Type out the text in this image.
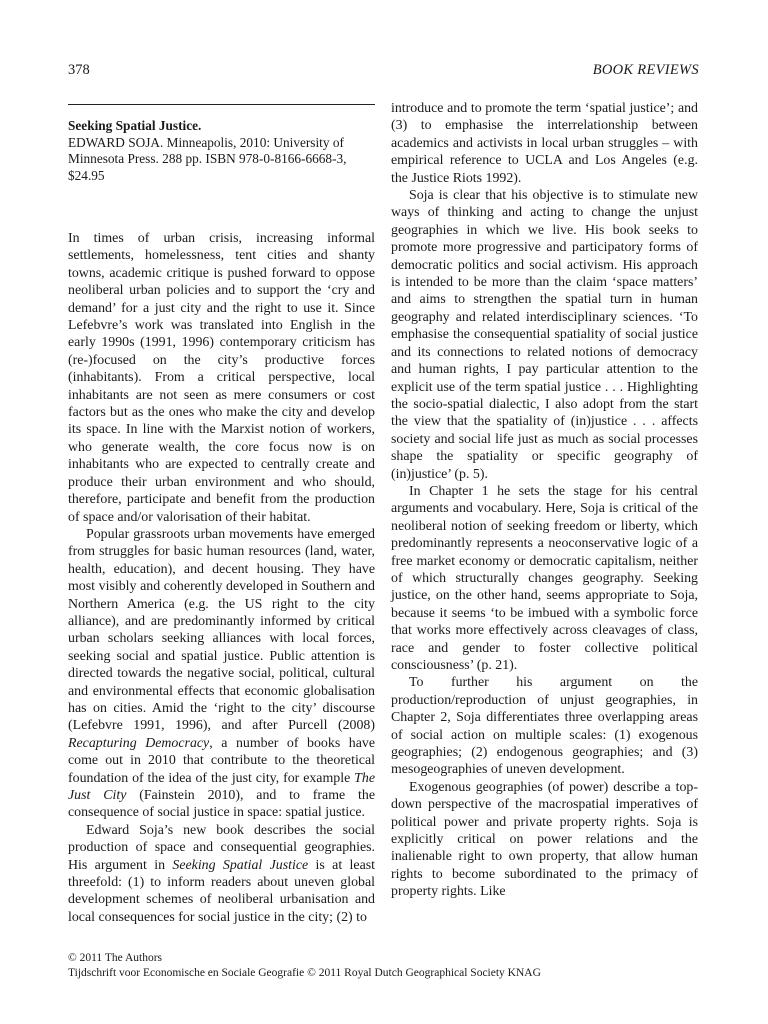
378	BOOK REVIEWS

Seeking Spatial Justice.

EDWARD SOJA. Minneapolis, 2010: University of Minnesota Press. 288 pp. ISBN 978-0-8166-6668-3, $24.95

In times of urban crisis, increasing informal settlements, homelessness, tent cities and shanty towns, academic critique is pushed forward to oppose neoliberal urban policies and to support the ‘cry and demand’ for a just city and the right to use it. Since Lefebvre’s work was translated into English in the early 1990s (1991, 1996) contemporary criticism has (re-)focused on the city’s productive forces (inhabitants). From a critical perspective, local inhabitants are not seen as mere consumers or cost factors but as the ones who make the city and develop its space. In line with the Marxist notion of workers, who generate wealth, the core focus now is on inhabitants who are expected to centrally create and produce their urban environment and who should, therefore, participate and benefit from the production of space and/or valorisation of their habitat.

Popular grassroots urban movements have emerged from struggles for basic human resources (land, water, health, education), and decent housing. They have most visibly and coherently developed in Southern and Northern America (e.g. the US right to the city alliance), and are predominantly informed by critical urban scholars seeking alliances with local forces, seeking social and spatial justice. Public attention is directed towards the negative social, political, cultural and environmental effects that economic globalisation has on cities. Amid the ‘right to the city’ discourse (Lefebvre 1991, 1996), and after Purcell (2008) Recapturing Democracy, a number of books have come out in 2010 that contribute to the theoretical foundation of the idea of the just city, for example The Just City (Fainstein 2010), and to frame the consequence of social justice in space: spatial justice.

Edward Soja’s new book describes the social production of space and consequential geographies. His argument in Seeking Spatial Justice is at least threefold: (1) to inform readers about uneven global development schemes of neoliberal urbanisation and local consequences for social justice in the city; (2) to

introduce and to promote the term ‘spatial justice’; and (3) to emphasise the interrelationship between academics and activists in local urban struggles – with empirical reference to UCLA and Los Angeles (e.g. the Justice Riots 1992).

Soja is clear that his objective is to stimulate new ways of thinking and acting to change the unjust geographies in which we live. His book seeks to promote more progressive and participatory forms of democratic politics and social activism. His approach is intended to be more than the claim ‘space matters’ and aims to strengthen the spatial turn in human geography and related interdisciplinary sciences. ‘To emphasise the consequential spatiality of social justice and its connections to related notions of democracy and human rights, I pay particular attention to the explicit use of the term spatial justice . . . Highlighting the socio-spatial dialectic, I also adopt from the start the view that the spatiality of (in)justice . . . affects society and social life just as much as social processes shape the spatiality or specific geography of (in)justice’ (p. 5).

In Chapter 1 he sets the stage for his central arguments and vocabulary. Here, Soja is critical of the neoliberal notion of seeking freedom or liberty, which predominantly represents a neoconservative logic of a free market economy or democratic capitalism, neither of which structurally changes geography. Seeking justice, on the other hand, seems appropriate to Soja, because it seems ‘to be imbued with a symbolic force that works more effectively across cleavages of class, race and gender to foster collective political consciousness’ (p. 21).

To further his argument on the production/reproduction of unjust geographies, in Chapter 2, Soja differentiates three overlapping areas of social action on multiple scales: (1) exogenous geographies; (2) endogenous geographies; and (3) mesogeographies of uneven development.

Exogenous geographies (of power) describe a top-down perspective of the macrospatial imperatives of political power and private property rights. Soja is explicitly critical on power relations and the inalienable right to own property, that allow human rights to become subordinated to the primacy of property rights. Like

© 2011 The Authors
Tijdschrift voor Economische en Sociale Geografie © 2011 Royal Dutch Geographical Society KNAG
